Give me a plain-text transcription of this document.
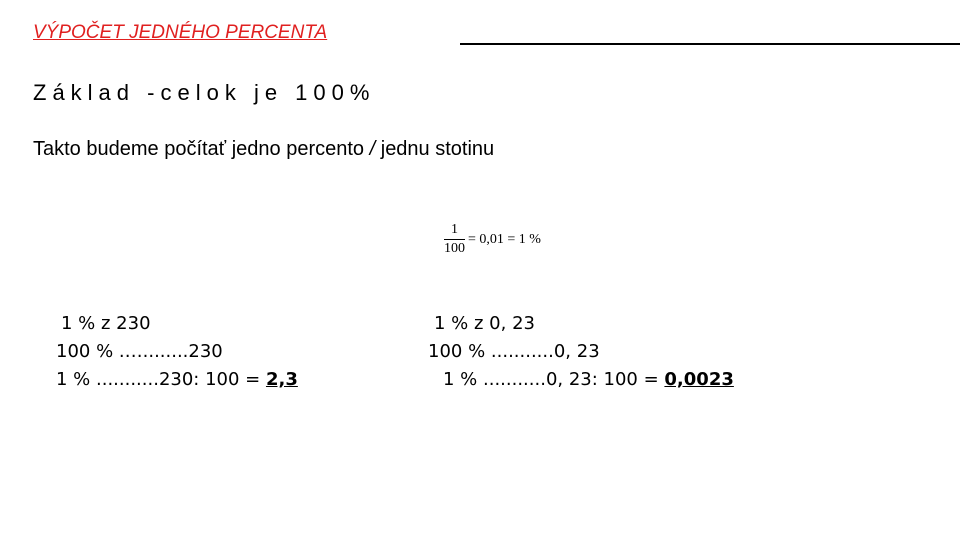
VÝPOČET JEDNÉHO PERCENTA
Základ -celok je 100%
Takto budeme počítať jedno percento / jednu stotinu
$\frac{1}{100} = 0,01 = 1$ %
1 % z 230
100 % .…........230
1 % ...........230: 100 = 2,3
1 % z 0, 23
100 % ...........0, 23
1 % ...........0, 23: 100 = 0,0023
